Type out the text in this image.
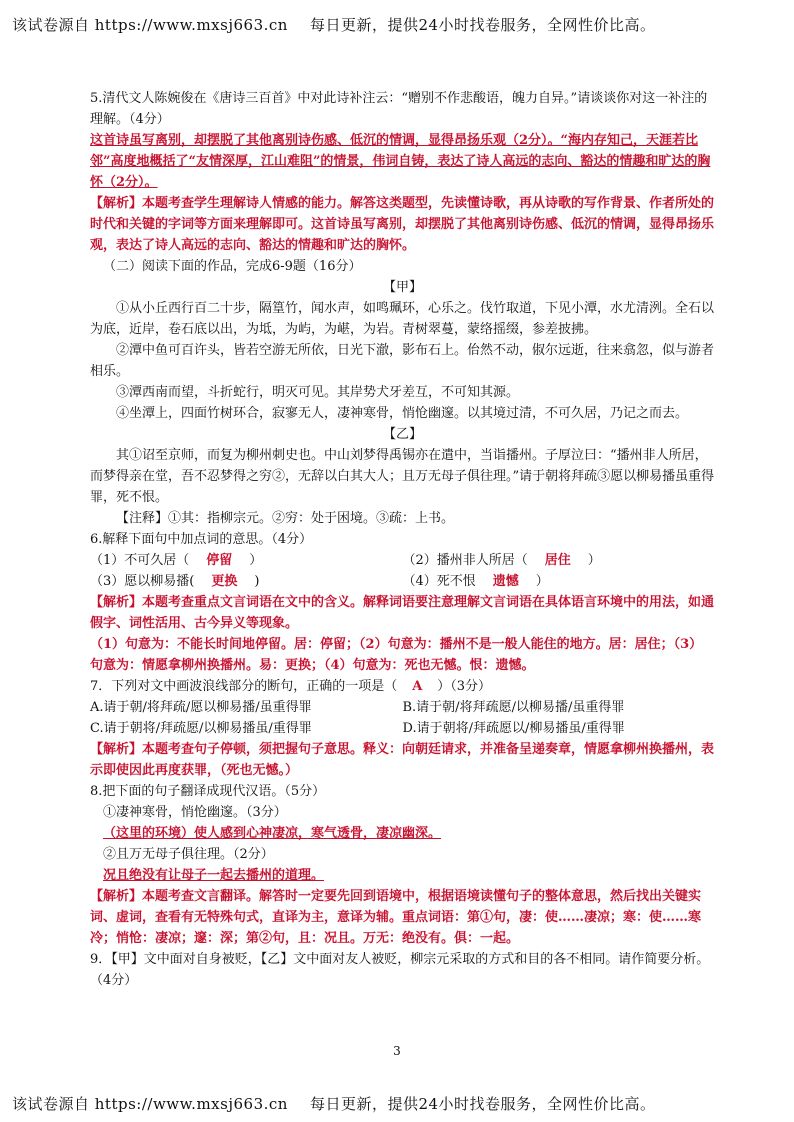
该试卷源自 https://www.mxsj663.cn 每日更新，提供24小时找卷服务，全网性价比高。

5.清代文人陈婉俊在《唐诗三百首》中对此诗补注云：“赠别不作悲酸语，魄力自异。”请谈谈你对这一补注的理解。（4分）

这首诗虽写离别，却摆脱了其他离别诗伤感、低沉的情调，显得昂扬乐观（2分）。“海内存知己，天涯若比邻”高度地概括了“友情深厚，江山难阻”的情景，伟词自铸，表达了诗人高远的志向、豁达的情趣和旷达的胸怀（2分）。

【解析】本题考查学生理解诗人情感的能力。解答这类题型，先读懂诗歌，再从诗歌的写作背景、作者所处的时代和关键的字词等方面来理解即可。这首诗虽写离别，却摆脱了其他离别诗伤感、低沉的情调，显得昂扬乐观，表达了诗人高远的志向、豁达的情趣和旷达的胸怀。

（二）阅读下面的作品，完成6-9题（16分）

【甲】

①从小丘西行百二十步，隔篁竹，闻水声，如鸣珮环，心乐之。伐竹取道，下见小潭，水尤清洌。全石以为底，近岸，卷石底以出，为坻，为屿，为嵁，为岩。青树翠蔓，蒙络摇缀，参差披拂。

②潭中鱼可百许头，皆若空游无所依，日光下澈，影布石上。佁然不动，俶尔远逝，往来翕忽，似与游者相乐。

③潭西南而望，斗折蛇行，明灭可见。其岸势犬牙差互，不可知其源。

④坐潭上，四面竹树环合，寂寥无人，凄神寒骨，悄怆幽邃。以其境过清，不可久居，乃记之而去。

【乙】

其①诏至京师，而复为柳州刺史也。中山刘梦得禹锡亦在遣中，当诣播州。子厚泣曰：“播州非人所居，而梦得亲在堂，吾不忍梦得之穷②，无辞以白其大人；且万无母子俱往理。”请于朝将拜疏③愿以柳易播虽重得罪，死不恨。

【注释】①其：指柳宗元。②穷：处于困境。③疏：上书。

6.解释下面句中加点词的意思。（4分）

（1）不可久居（ 停留 ）	（2）播州非人所居（ 居住 ）
（3）愿以柳易播( 更换 )	（4）死不恨 遗憾 ）

【解析】本题考查重点文言词语在文中的含义。解释词语要注意理解文言词语在具体语言环境中的用法，如通假字、词性活用、古今异义等现象。

（1）句意为：不能长时间地停留。居：停留；（2）句意为：播州不是一般人能住的地方。居：居住；（3）句意为：情愿拿柳州换播州。易：更换；（4）句意为：死也无憾。恨：遗憾。

7．下列对文中画波浪线部分的断句，正确的一项是（ A ）（3分）

A.请于朝/将拜疏/愿以柳易播/虽重得罪	B.请于朝/将拜疏愿/以柳易播/虽重得罪
C.请于朝将/拜疏愿/以柳易播虽/重得罪	D.请于朝将/拜疏愿以/柳易播虽/重得罪

【解析】本题考查句子停顿，须把握句子意思。释义：向朝廷请求，并准备呈递奏章，情愿拿柳州换播州，表示即使因此再度获罪，（死也无憾。）

8.把下面的句子翻译成现代汉语。（5分）

①凄神寒骨，悄怆幽邃。（3分）

（这里的环境）使人感到心神凄凉，寒气透骨，凄凉幽深。

②且万无母子俱往理。（2分）

况且绝没有让母子一起去播州的道理。

【解析】本题考查文言翻译。解答时一定要先回到语境中，根据语境读懂句子的整体意思，然后找出关键实词、虚词，查看有无特殊句式，直译为主，意译为辅。重点词语：第①句，凄：使……凄凉；寒：使……寒冷；悄怆：凄凉；邃：深；第②句，且：况且。万无：绝没有。俱：一起。

9．【甲】文中面对自身被贬，【乙】文中面对友人被贬，柳宗元采取的方式和目的各不相同。请作简要分析。（4分）

3
该试卷源自 https://www.mxsj663.cn 每日更新，提供24小时找卷服务，全网性价比高。
